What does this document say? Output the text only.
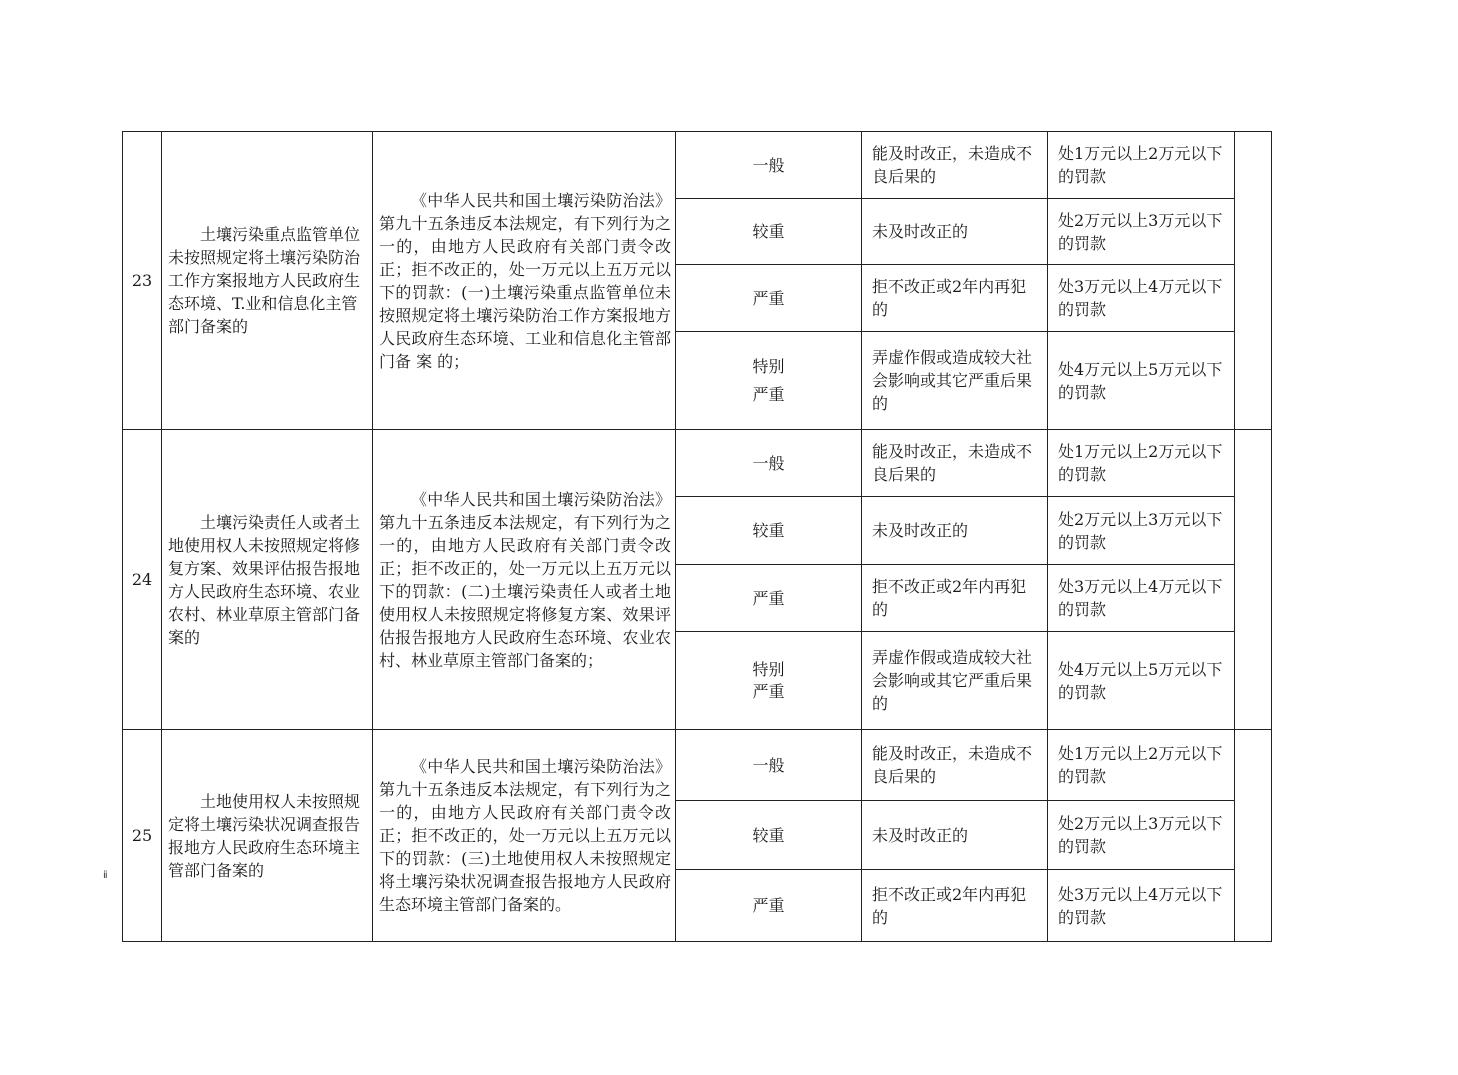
23	土壤污染重点监管单位未按照规定将土壤污染防治工作方案报地方人民政府生态环境、T.业和信息化主管部门备案的	《中华人民共和国土壤污染防治法》第九十五条违反本法规定，有下列行为之一的，由地方人民政府有关部门责令改正；拒不改正的，处一万元以上五万元以下的罚款：(一)土壤污染重点监管单位未按照规定将土壤污染防治工作方案报地方人民政府生态环境、工业和信息化主管部门备 案 的；	一般	能及时改正，未造成不良后果的	处1万元以上2万元以下的罚款	
			较重	未及时改正的	处2万元以上3万元以下的罚款	
			严重	拒不改正或2年内再犯的	处3万元以上4万元以下的罚款	

			特别严重	弄虚作假或造成较大社会影响或其它严重后果的	处4万元以上5万元以下的罚款	
24	土壤污染责任人或者土地使用权人未按照规定将修复方案、效果评估报告报地方人民政府生态环境、农业农村、林业草原主管部门备案的	《中华人民共和国土壤污染防治法》第九十五条违反本法规定，有下列行为之一的，由地方人民政府有关部门责令改正；拒不改正的，处一万元以上五万元以下的罚款：(二)土壤污染责任人或者土地使用权人未按照规定将修复方案、效果评估报告报地方人民政府生态环境、农业农村、林业草原主管部门备案的；	一般	能及时改正，未造成不良后果的	处1万元以上2万元以下的罚款	
			较重	未及时改正的	处2万元以上3万元以下的罚款	
			严重	拒不改正或2年内再犯的	处3万元以上4万元以下的罚款	

			特别严重	弄虚作假或造成较大社会影响或其它严重后果的	处4万元以上5万元以下的罚款	
25	土地使用权人未按照规定将土壤污染状况调查报告报地方人民政府生态环境主管部门备案的	《中华人民共和国土壤污染防治法》第九十五条违反本法规定，有下列行为之一的，由地方人民政府有关部门责令改正；拒不改正的，处一万元以上五万元以下的罚款：(三)土地使用权人未按照规定将土壤污染状况调查报告报地方人民政府生态环境主管部门备案的。	一般	能及时改正，未造成不良后果的	处1万元以上2万元以下的罚款	
			较重	未及时改正的	处2万元以上3万元以下的罚款	
			严重	拒不改正或2年内再犯的	处3万元以上4万元以下的罚款	
ⅱ
